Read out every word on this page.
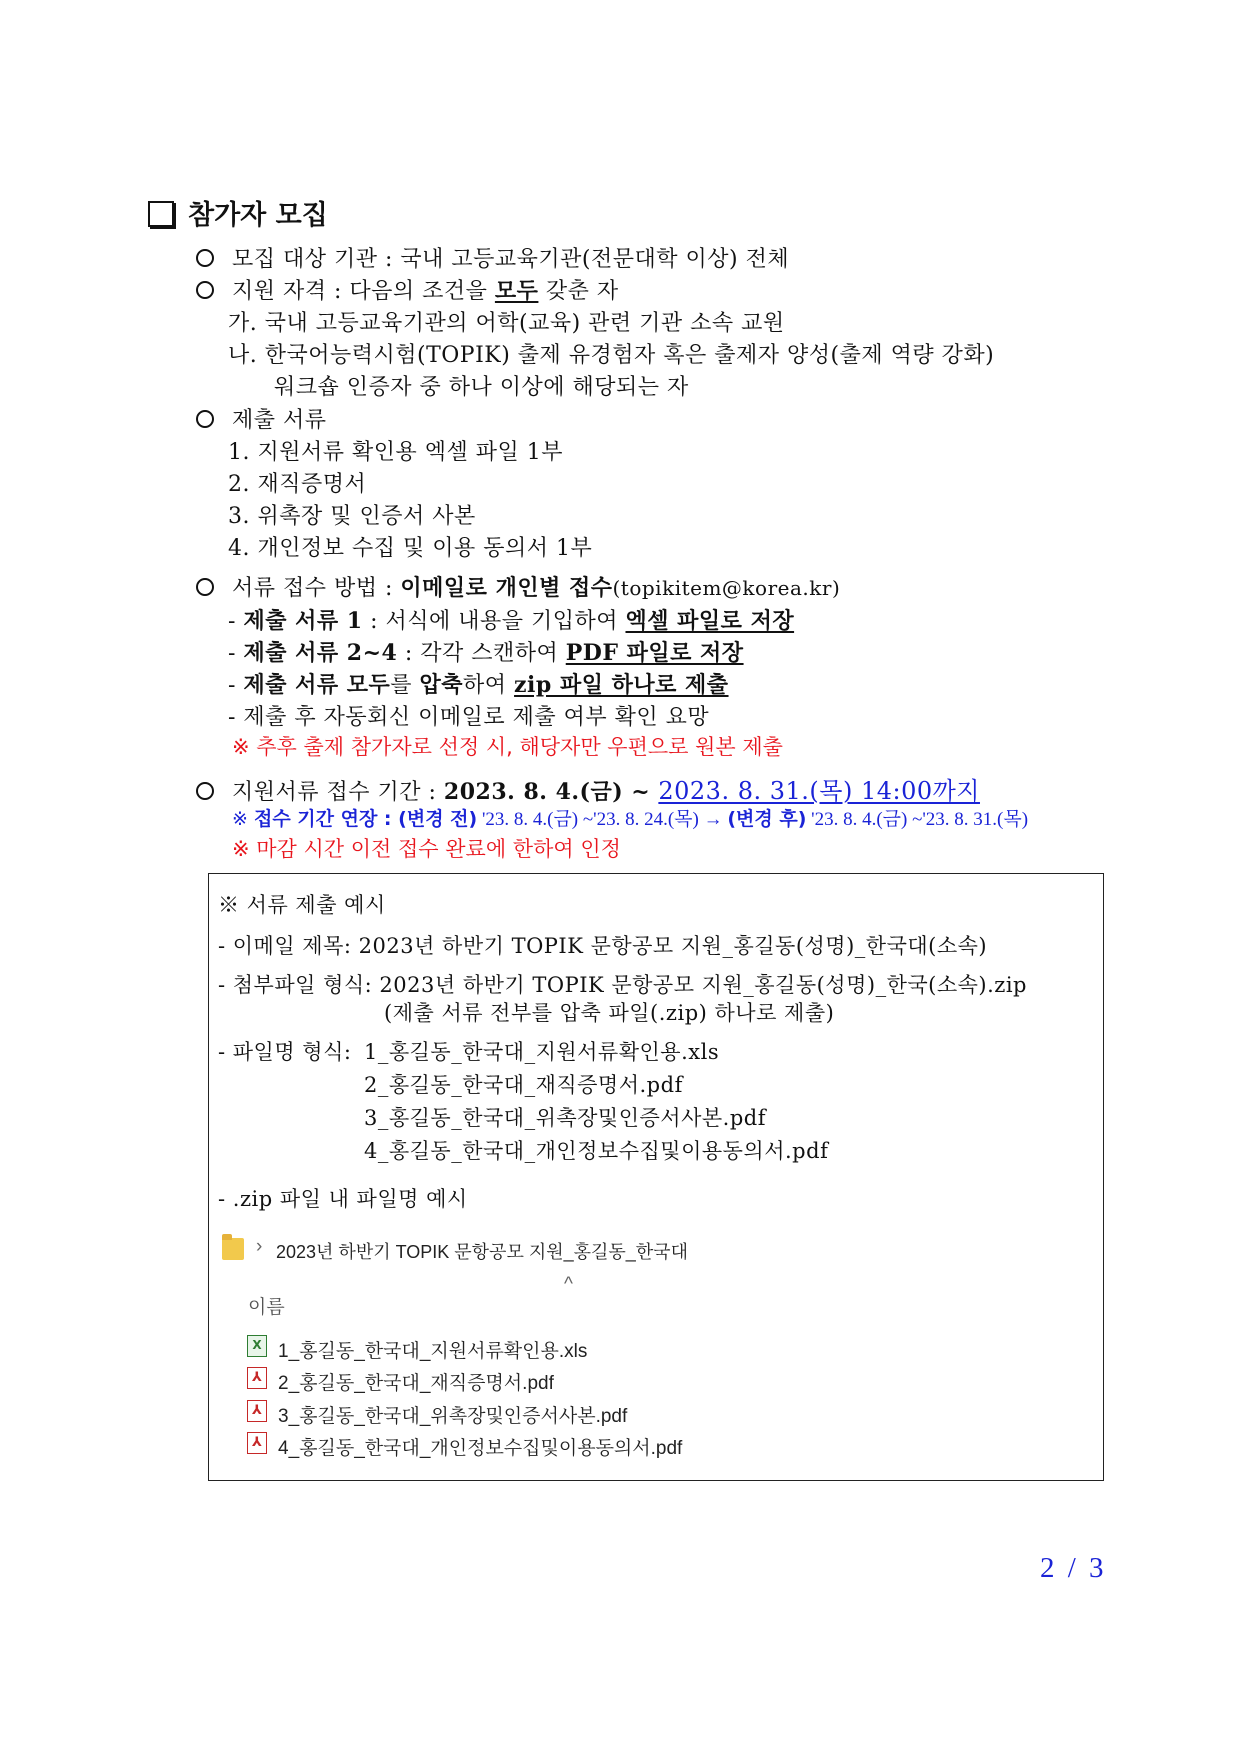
참가자 모집
모집 대상 기관 : 국내 고등교육기관(전문대학 이상) 전체
지원 자격 : 다음의 조건을 모두 갖춘 자
가. 국내 고등교육기관의 어학(교육) 관련 기관 소속 교원
나. 한국어능력시험(TOPIK) 출제 유경험자 혹은 출제자 양성(출제 역량 강화)
워크숍 인증자 중 하나 이상에 해당되는 자
제출 서류
1. 지원서류 확인용 엑셀 파일 1부
2. 재직증명서
3. 위촉장 및 인증서 사본
4. 개인정보 수집 및 이용 동의서 1부
서류 접수 방법 : 이메일로 개인별 접수(topikitem@korea.kr)
- 제출 서류 1 : 서식에 내용을 기입하여 엑셀 파일로 저장
- 제출 서류 2~4 : 각각 스캔하여 PDF 파일로 저장
- 제출 서류 모두를 압축하여 zip 파일 하나로 제출
- 제출 후 자동회신 이메일로 제출 여부 확인 요망
※ 추후 출제 참가자로 선정 시, 해당자만 우편으로 원본 제출
지원서류 접수 기간 : 2023. 8. 4.(금) ~ 2023. 8. 31.(목) 14:00까지
※ 접수 기간 연장 : (변경 전) '23. 8. 4.(금) ~'23. 8. 24.(목) → (변경 후) '23. 8. 4.(금) ~'23. 8. 31.(목)
※ 마감 시간 이전 접수 완료에 한하여 인정
※ 서류 제출 예시
- 이메일 제목: 2023년 하반기 TOPIK 문항공모 지원_홍길동(성명)_한국대(소속)
- 첨부파일 형식: 2023년 하반기 TOPIK 문항공모 지원_홍길동(성명)_한국(소속).zip
(제출 서류 전부를 압축 파일(.zip) 하나로 제출)
- 파일명 형식: 1_홍길동_한국대_지원서류확인용.xls
2_홍길동_한국대_재직증명서.pdf
3_홍길동_한국대_위촉장및인증서사본.pdf
4_홍길동_한국대_개인정보수집및이용동의서.pdf
- .zip 파일 내 파일명 예시
› 2023년 하반기 TOPIK 문항공모 지원_홍길동_한국대
^
이름
X 1_홍길동_한국대_지원서류확인용.xls
⅄ 2_홍길동_한국대_재직증명서.pdf
⅄ 3_홍길동_한국대_위촉장및인증서사본.pdf
⅄ 4_홍길동_한국대_개인정보수집및이용동의서.pdf
2 / 3
